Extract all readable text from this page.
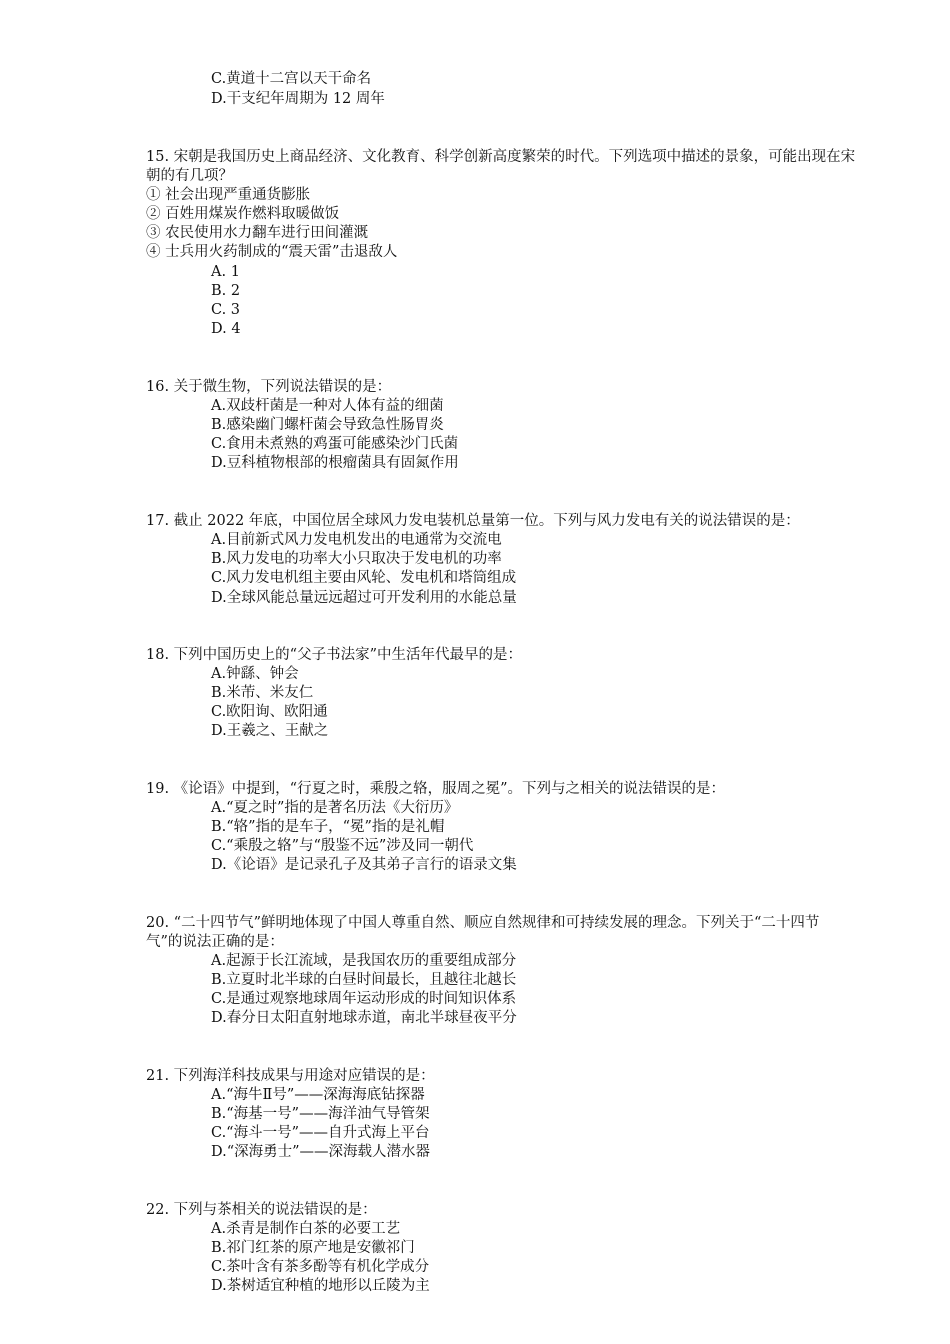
C.黄道十二宫以天干命名
D.干支纪年周期为 12 周年
15. 宋朝是我国历史上商品经济、文化教育、科学创新高度繁荣的时代。下列选项中描述的景象，可能出现在宋
朝的有几项？
① 社会出现严重通货膨胀
② 百姓用煤炭作燃料取暖做饭
③ 农民使用水力翻车进行田间灌溉
④ 士兵用火药制成的“震天雷”击退敌人
A. 1
B. 2
C. 3
D. 4
16. 关于微生物，下列说法错误的是：
A.双歧杆菌是一种对人体有益的细菌
B.感染幽门螺杆菌会导致急性肠胃炎
C.食用未煮熟的鸡蛋可能感染沙门氏菌
D.豆科植物根部的根瘤菌具有固氮作用
17. 截止 2022 年底，中国位居全球风力发电装机总量第一位。下列与风力发电有关的说法错误的是：
A.目前新式风力发电机发出的电通常为交流电
B.风力发电的功率大小只取决于发电机的功率
C.风力发电机组主要由风轮、发电机和塔筒组成
D.全球风能总量远远超过可开发利用的水能总量
18. 下列中国历史上的“父子书法家”中生活年代最早的是：
A.钟繇、钟会
B.米芾、米友仁
C.欧阳询、欧阳通
D.王羲之、王献之
19. 《论语》中提到，“行夏之时，乘殷之辂，服周之冕”。下列与之相关的说法错误的是：
A.“夏之时”指的是著名历法《大衍历》
B.“辂”指的是车子，“冕”指的是礼帽
C.“乘殷之辂”与“殷鉴不远”涉及同一朝代
D.《论语》是记录孔子及其弟子言行的语录文集
20. “二十四节气”鲜明地体现了中国人尊重自然、顺应自然规律和可持续发展的理念。下列关于“二十四节
气”的说法正确的是：
A.起源于长江流域，是我国农历的重要组成部分
B.立夏时北半球的白昼时间最长，且越往北越长
C.是通过观察地球周年运动形成的时间知识体系
D.春分日太阳直射地球赤道，南北半球昼夜平分
21. 下列海洋科技成果与用途对应错误的是：
A.“海牛Ⅱ号”——深海海底钻探器
B.“海基一号”——海洋油气导管架
C.“海斗一号”——自升式海上平台
D.“深海勇士”——深海载人潜水器
22. 下列与茶相关的说法错误的是：
A.杀青是制作白茶的必要工艺
B.祁门红茶的原产地是安徽祁门
C.茶叶含有茶多酚等有机化学成分
D.茶树适宜种植的地形以丘陵为主
